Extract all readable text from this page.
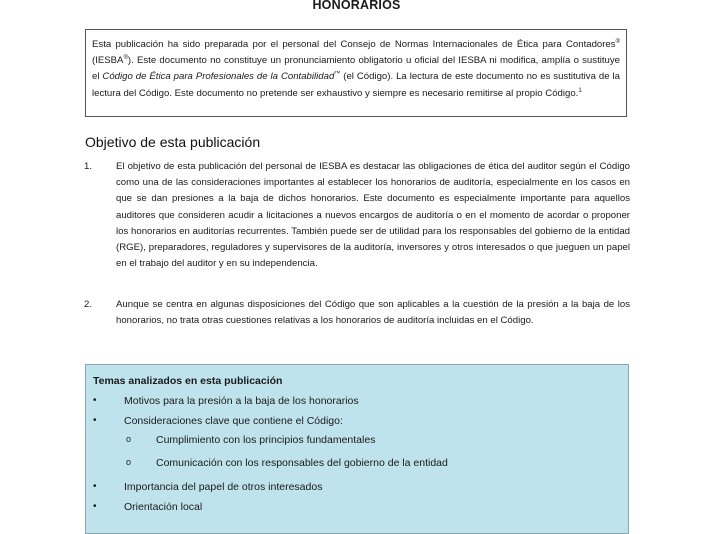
HONORARIOS
Esta publicación ha sido preparada por el personal del Consejo de Normas Internacionales de Ética para Contadores® (IESBA®). Este documento no constituye un pronunciamiento obligatorio u oficial del IESBA ni modifica, amplía o sustituye el Código de Ética para Profesionales de la Contabilidad™ (el Código). La lectura de este documento no es sustitutiva de la lectura del Código. Este documento no pretende ser exhaustivo y siempre es necesario remitirse al propio Código.$^1$
Objetivo de esta publicación
1. El objetivo de esta publicación del personal de IESBA es destacar las obligaciones de ética del auditor según el Código como una de las consideraciones importantes al establecer los honorarios de auditoría, especialmente en los casos en que se dan presiones a la baja de dichos honorarios. Este documento es especialmente importante para aquellos auditores que consideren acudir a licitaciones a nuevos encargos de auditoría o en el momento de acordar o proponer los honorarios en auditorías recurrentes. También puede ser de utilidad para los responsables del gobierno de la entidad (RGE), preparadores, reguladores y supervisores de la auditoría, inversores y otros interesados o que jueguen un papel en el trabajo del auditor y en su independencia.
2. Aunque se centra en algunas disposiciones del Código que son aplicables a la cuestión de la presión a la baja de los honorarios, no trata otras cuestiones relativas a los honorarios de auditoría incluidas en el Código.
Temas analizados en esta publicación
•	Motivos para la presión a la baja de los honorarios
•	Consideraciones clave que contiene el Código:
o Cumplimiento con los principios fundamentales
o Comunicación con los responsables del gobierno de la entidad
•	Importancia del papel de otros interesados
•	Orientación local
